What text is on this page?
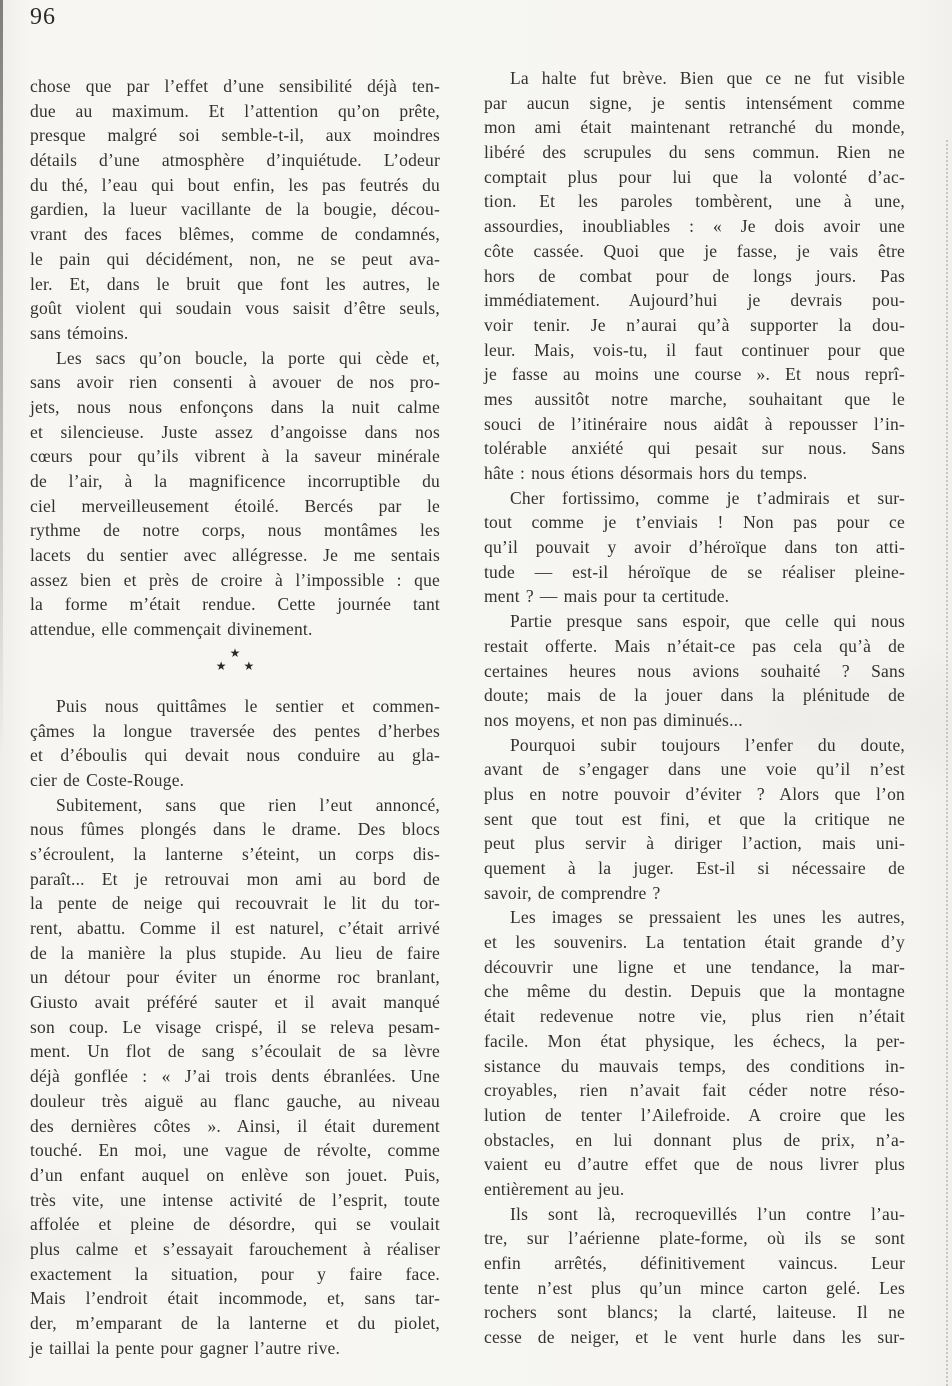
96
chose que par l’effet d’une sensibilité déjà ten-
due au maximum. Et l’attention qu’on prête,
presque malgré soi semble-t-il, aux moindres
détails d’une atmosphère d’inquiétude. L’odeur
du thé, l’eau qui bout enfin, les pas feutrés du
gardien, la lueur vacillante de la bougie, décou-
vrant des faces blêmes, comme de condamnés,
le pain qui décidément, non, ne se peut ava-
ler. Et, dans le bruit que font les autres, le
goût violent qui soudain vous saisit d’être seuls,
sans témoins.
Les sacs qu’on boucle, la porte qui cède et,
sans avoir rien consenti à avouer de nos pro-
jets, nous nous enfonçons dans la nuit calme
et silencieuse. Juste assez d’angoisse dans nos
cœurs pour qu’ils vibrent à la saveur minérale
de l’air, à la magnificence incorruptible du
ciel merveilleusement étoilé. Bercés par le
rythme de notre corps, nous montâmes les
lacets du sentier avec allégresse. Je me sentais
assez bien et près de croire à l’impossible : que
la forme m’était rendue. Cette journée tant
attendue, elle commençait divinement.
★
★ ★
Puis nous quittâmes le sentier et commen-
çâmes la longue traversée des pentes d’herbes
et d’éboulis qui devait nous conduire au gla-
cier de Coste-Rouge.
Subitement, sans que rien l’eut annoncé,
nous fûmes plongés dans le drame. Des blocs
s’écroulent, la lanterne s’éteint, un corps dis-
paraît... Et je retrouvai mon ami au bord de
la pente de neige qui recouvrait le lit du tor-
rent, abattu. Comme il est naturel, c’était arrivé
de la manière la plus stupide. Au lieu de faire
un détour pour éviter un énorme roc branlant,
Giusto avait préféré sauter et il avait manqué
son coup. Le visage crispé, il se releva pesam-
ment. Un flot de sang s’écoulait de sa lèvre
déjà gonflée : « J’ai trois dents ébranlées. Une
douleur très aiguë au flanc gauche, au niveau
des dernières côtes ». Ainsi, il était durement
touché. En moi, une vague de révolte, comme
d’un enfant auquel on enlève son jouet. Puis,
très vite, une intense activité de l’esprit, toute
affolée et pleine de désordre, qui se voulait
plus calme et s’essayait farouchement à réaliser
exactement la situation, pour y faire face.
Mais l’endroit était incommode, et, sans tar-
der, m’emparant de la lanterne et du piolet,
je taillai la pente pour gagner l’autre rive.
La halte fut brève. Bien que ce ne fut visible
par aucun signe, je sentis intensément comme
mon ami était maintenant retranché du monde,
libéré des scrupules du sens commun. Rien ne
comptait plus pour lui que la volonté d’ac-
tion. Et les paroles tombèrent, une à une,
assourdies, inoubliables : « Je dois avoir une
côte cassée. Quoi que je fasse, je vais être
hors de combat pour de longs jours. Pas
immédiatement. Aujourd’hui je devrais pou-
voir tenir. Je n’aurai qu’à supporter la dou-
leur. Mais, vois-tu, il faut continuer pour que
je fasse au moins une course ». Et nous reprî-
mes aussitôt notre marche, souhaitant que le
souci de l’itinéraire nous aidât à repousser l’in-
tolérable anxiété qui pesait sur nous. Sans
hâte : nous étions désormais hors du temps.
Cher fortissimo, comme je t’admirais et sur-
tout comme je t’enviais ! Non pas pour ce
qu’il pouvait y avoir d’héroïque dans ton atti-
tude — est-il héroïque de se réaliser pleine-
ment ? — mais pour ta certitude.
Partie presque sans espoir, que celle qui nous
restait offerte. Mais n’était-ce pas cela qu’à de
certaines heures nous avions souhaité ? Sans
doute; mais de la jouer dans la plénitude de
nos moyens, et non pas diminués...
Pourquoi subir toujours l’enfer du doute,
avant de s’engager dans une voie qu’il n’est
plus en notre pouvoir d’éviter ? Alors que l’on
sent que tout est fini, et que la critique ne
peut plus servir à diriger l’action, mais uni-
quement à la juger. Est-il si nécessaire de
savoir, de comprendre ?
Les images se pressaient les unes les autres,
et les souvenirs. La tentation était grande d’y
découvrir une ligne et une tendance, la mar-
che même du destin. Depuis que la montagne
était redevenue notre vie, plus rien n’était
facile. Mon état physique, les échecs, la per-
sistance du mauvais temps, des conditions in-
croyables, rien n’avait fait céder notre réso-
lution de tenter l’Ailefroide. A croire que les
obstacles, en lui donnant plus de prix, n’a-
vaient eu d’autre effet que de nous livrer plus
entièrement au jeu.
Ils sont là, recroquevillés l’un contre l’au-
tre, sur l’aérienne plate-forme, où ils se sont
enfin arrêtés, définitivement vaincus. Leur
tente n’est plus qu’un mince carton gelé. Les
rochers sont blancs; la clarté, laiteuse. Il ne
cesse de neiger, et le vent hurle dans les sur-
